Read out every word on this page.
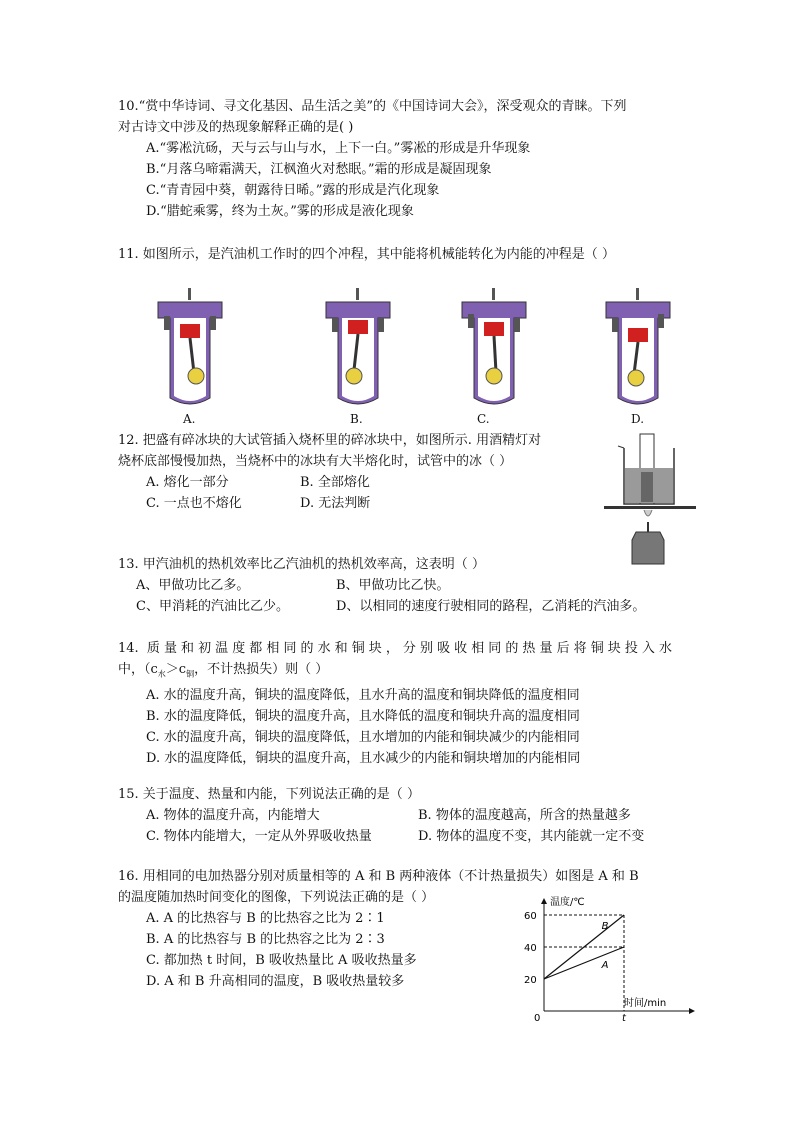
10.“赏中华诗词、寻文化基因、品生活之美”的《中国诗词大会》，深受观众的青睐。下列
对古诗文中涉及的热现象解释正确的是( )
A.“雾凇沆砀，天与云与山与水，上下一白。”雾凇的形成是升华现象
B.“月落乌啼霜满天，江枫渔火对愁眠。”霜的形成是凝固现象
C.“青青园中葵，朝露待日晞。”露的形成是汽化现象
D.“腊蛇乘雾，终为土灰。”雾的形成是液化现象
11. 如图所示，是汽油机工作时的四个冲程，其中能将机械能转化为内能的冲程是（ ）
A.	B.	C.	D.
12. 把盛有碎冰块的大试管插入烧杯里的碎冰块中，如图所示. 用酒精灯对
烧杯底部慢慢加热，当烧杯中的冰块有大半熔化时，试管中的冰（ ）
A. 熔化一部分	B. 全部熔化
C. 一点也不熔化	D. 无法判断
13. 甲汽油机的热机效率比乙汽油机的热机效率高，这表明（ ）
A、甲做功比乙多。	B、甲做功比乙快。
C、甲消耗的汽油比乙少。	D、以相同的速度行驶相同的路程，乙消耗的汽油多。
14. 质量和初温度都相同的水和铜块，分别吸收相同的热量后将铜块投入水
中，（$c_水>c_铜$，不计热损失）则（ ）
A. 水的温度升高，铜块的温度降低，且水升高的温度和铜块降低的温度相同
B. 水的温度降低，铜块的温度升高，且水降低的温度和铜块升高的温度相同
C. 水的温度升高，铜块的温度降低，且水增加的内能和铜块减少的内能相同
D. 水的温度降低，铜块的温度升高，且水减少的内能和铜块增加的内能相同
15. 关于温度、热量和内能，下列说法正确的是（ ）
A. 物体的温度升高，内能增大	B. 物体的温度越高，所含的热量越多
C. 物体内能增大，一定从外界吸收热量	D. 物体的温度不变，其内能就一定不变
16. 用相同的电加热器分别对质量相等的 A 和 B 两种液体（不计热量损失）如图是 A 和 B
的温度随加热时间变化的图像，下列说法正确的是（ ）
A. A 的比热容与 B 的比热容之比为 2∶1
B. A 的比热容与 B 的比热容之比为 2∶3
C. 都加热 t 时间，B 吸收热量比 A 吸收热量多
D. A 和 B 升高相同的温度，B 吸收热量较多
温度/℃
时间/min
0
20
40
60
t
B
A
